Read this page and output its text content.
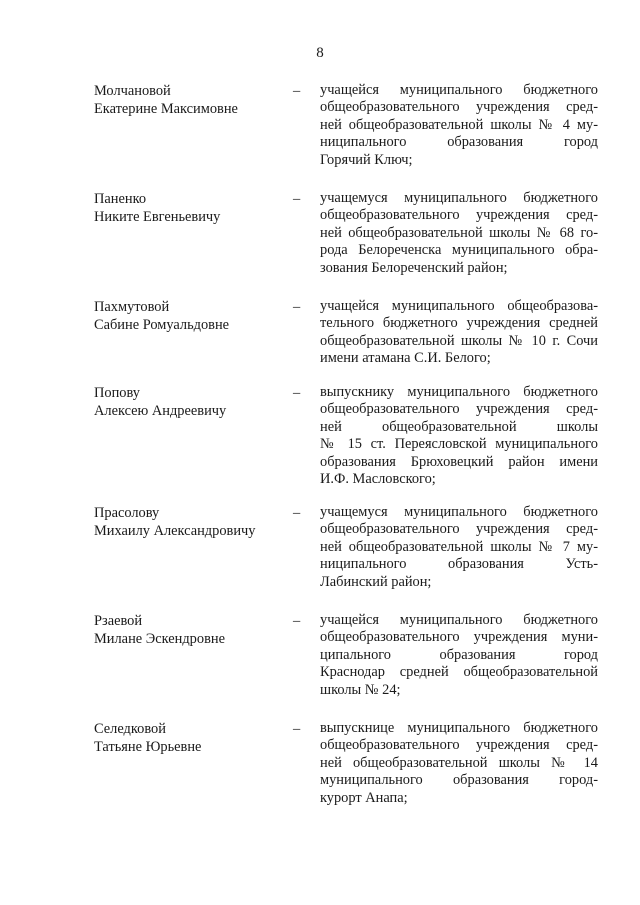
8
Молчановой
Екатерине Максимовне
– учащейся муниципального бюджетного
общеобразовательного учреждения сред-
ней общеобразовательной школы № 4 му-
ниципального образования город
Горячий Ключ;
Паненко
Никите Евгеньевичу
– учащемуся муниципального бюджетного
общеобразовательного учреждения сред-
ней общеобразовательной школы № 68 го-
рода Белореченска муниципального обра-
зования Белореченский район;
Пахмутовой
Сабине Ромуальдовне
– учащейся муниципального общеобразова-
тельного бюджетного учреждения средней
общеобразовательной школы № 10 г. Сочи
имени атамана С.И. Белого;
Попову
Алексею Андреевичу
– выпускнику муниципального бюджетного
общеобразовательного учреждения сред-
ней общеобразовательной школы
№ 15 ст. Переясловской муниципального
образования Брюховецкий район имени
И.Ф. Масловского;
Прасолову
Михаилу Александровичу
– учащемуся муниципального бюджетного
общеобразовательного учреждения сред-
ней общеобразовательной школы № 7 му-
ниципального образования Усть-
Лабинский район;
Рзаевой
Милане Эскендровне
– учащейся муниципального бюджетного
общеобразовательного учреждения муни-
ципального образования город
Краснодар средней общеобразовательной
школы № 24;
Селедковой
Татьяне Юрьевне
– выпускнице муниципального бюджетного
общеобразовательного учреждения сред-
ней общеобразовательной школы № 14
муниципального образования город-
курорт Анапа;
